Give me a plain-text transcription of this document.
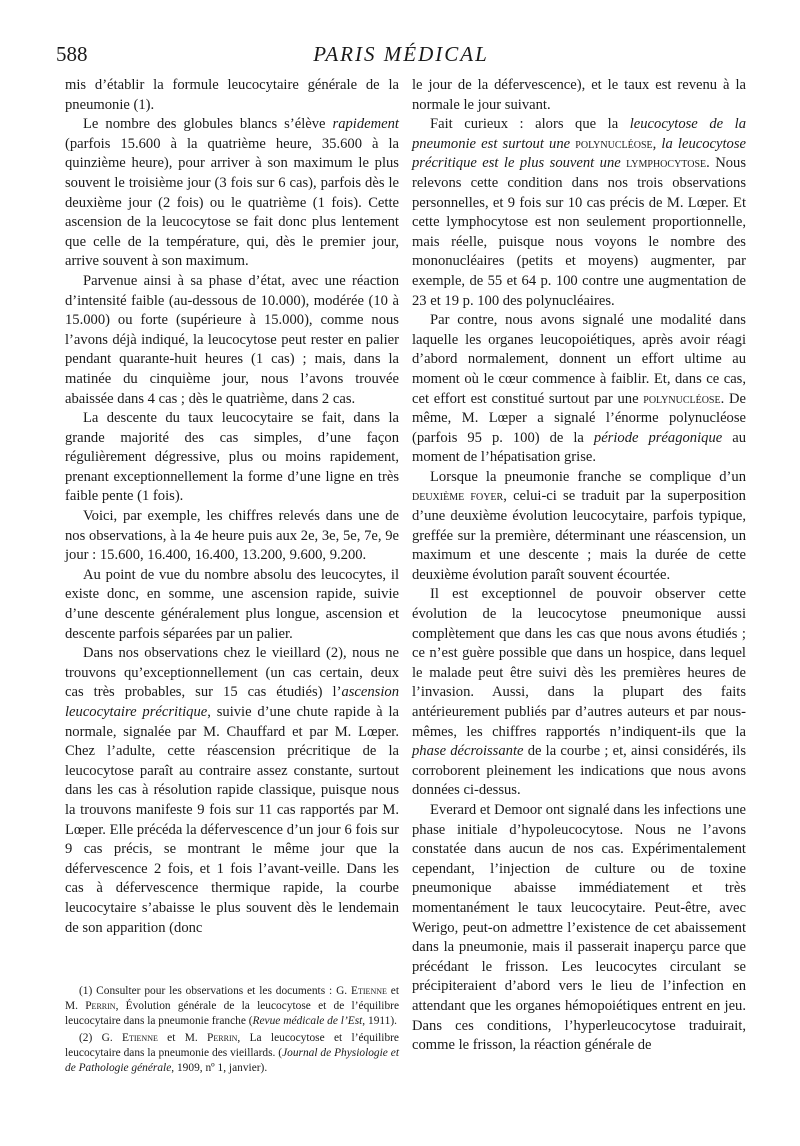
588	PARIS MÉDICAL

mis d’établir la formule leucocytaire générale de la pneumonie (1).

Le nombre des globules blancs s’élève rapidement (parfois 15.600 à la quatrième heure, 35.600 à la quinzième heure), pour arriver à son maximum le plus souvent le troisième jour (3 fois sur 6 cas), parfois dès le deuxième jour (2 fois) ou le quatrième (1 fois). Cette ascension de la leucocytose se fait donc plus lentement que celle de la température, qui, dès le premier jour, arrive souvent à son maximum.

Parvenue ainsi à sa phase d’état, avec une réaction d’intensité faible (au-dessous de 10.000), modérée (10 à 15.000) ou forte (supérieure à 15.000), comme nous l’avons déjà indiqué, la leucocytose peut rester en palier pendant quarante-huit heures (1 cas) ; mais, dans la matinée du cinquième jour, nous l’avons trouvée abaissée dans 4 cas ; dès le quatrième, dans 2 cas.

La descente du taux leucocytaire se fait, dans la grande majorité des cas simples, d’une façon régulièrement dégressive, plus ou moins rapidement, prenant exceptionnellement la forme d’une ligne en très faible pente (1 fois).

Voici, par exemple, les chiffres relevés dans une de nos observations, à la 4e heure puis aux 2e, 3e, 5e, 7e, 9e jour : 15.600, 16.400, 16.400, 13.200, 9.600, 9.200.

Au point de vue du nombre absolu des leucocytes, il existe donc, en somme, une ascension rapide, suivie d’une descente généralement plus longue, ascension et descente parfois séparées par un palier.

Dans nos observations chez le vieillard (2), nous ne trouvons qu’exceptionnellement (un cas certain, deux cas très probables, sur 15 cas étudiés) l’ascension leucocytaire précritique, suivie d’une chute rapide à la normale, signalée par M. Chauffard et par M. Lœper. Chez l’adulte, cette réascension précritique de la leucocytose paraît au contraire assez constante, surtout dans les cas à résolution rapide classique, puisque nous la trouvons manifeste 9 fois sur 11 cas rapportés par M. Lœper. Elle précéda la défervescence d’un jour 6 fois sur 9 cas précis, se montrant le même jour que la défervescence 2 fois, et 1 fois l’avant-veille. Dans les cas à défervescence thermique rapide, la courbe leucocytaire s’abaisse le plus souvent dès le lendemain de son apparition (donc

le jour de la défervescence), et le taux est revenu à la normale le jour suivant.

Fait curieux : alors que la leucocytose de la pneumonie est surtout une polynucléose, la leucocytose précritique est le plus souvent une lymphocytose. Nous relevons cette condition dans nos trois observations personnelles, et 9 fois sur 10 cas précis de M. Lœper. Et cette lymphocytose est non seulement proportionnelle, mais réelle, puisque nous voyons le nombre des mononucléaires (petits et moyens) augmenter, par exemple, de 55 et 64 p. 100 contre une augmentation de 23 et 19 p. 100 des polynucléaires.

Par contre, nous avons signalé une modalité dans laquelle les organes leucopoiétiques, après avoir réagi d’abord normalement, donnent un effort ultime au moment où le cœur commence à faiblir. Et, dans ce cas, cet effort est constitué surtout par une polynucléose. De même, M. Lœper a signalé l’énorme polynucléose (parfois 95 p. 100) de la période préagonique au moment de l’hépatisation grise.

Lorsque la pneumonie franche se complique d’un deuxième foyer, celui-ci se traduit par la superposition d’une deuxième évolution leucocytaire, parfois typique, greffée sur la première, déterminant une réascension, un maximum et une descente ; mais la durée de cette deuxième évolution paraît souvent écourtée.

Il est exceptionnel de pouvoir observer cette évolution de la leucocytose pneumonique aussi complètement que dans les cas que nous avons étudiés ; ce n’est guère possible que dans un hospice, dans lequel le malade peut être suivi dès les premières heures de l’invasion. Aussi, dans la plupart des faits antérieurement publiés par d’autres auteurs et par nous-mêmes, les chiffres rapportés n’indiquent-ils que la phase décroissante de la courbe ; et, ainsi considérés, ils corroborent pleinement les indications que nous avons données ci-dessus.

Everard et Demoor ont signalé dans les infections une phase initiale d’hypoleucocytose. Nous ne l’avons constatée dans aucun de nos cas. Expérimentalement cependant, l’injection de culture ou de toxine pneumonique abaisse immédiatement et très momentanément le taux leucocytaire. Peut-être, avec Werigo, peut-on admettre l’existence de cet abaissement dans la pneumonie, mais il passerait inaperçu parce que précédant le frisson. Les leucocytes circulant se précipiteraient d’abord vers le lieu de l’infection en attendant que les organes hémopoiétiques entrent en jeu. Dans ces conditions, l’hyperleucocytose traduirait, comme le frisson, la réaction générale de

(1) Consulter pour les observations et les documents : G. Etienne et M. Perrin, Évolution générale de la leucocytose et de l’équilibre leucocytaire dans la pneumonie franche (Revue médicale de l’Est, 1911).

(2) G. Etienne et M. Perrin, La leucocytose et l’équilibre leucocytaire dans la pneumonie des vieillards. (Journal de Physiologie et de Pathologie générale, 1909, nº 1, janvier).
